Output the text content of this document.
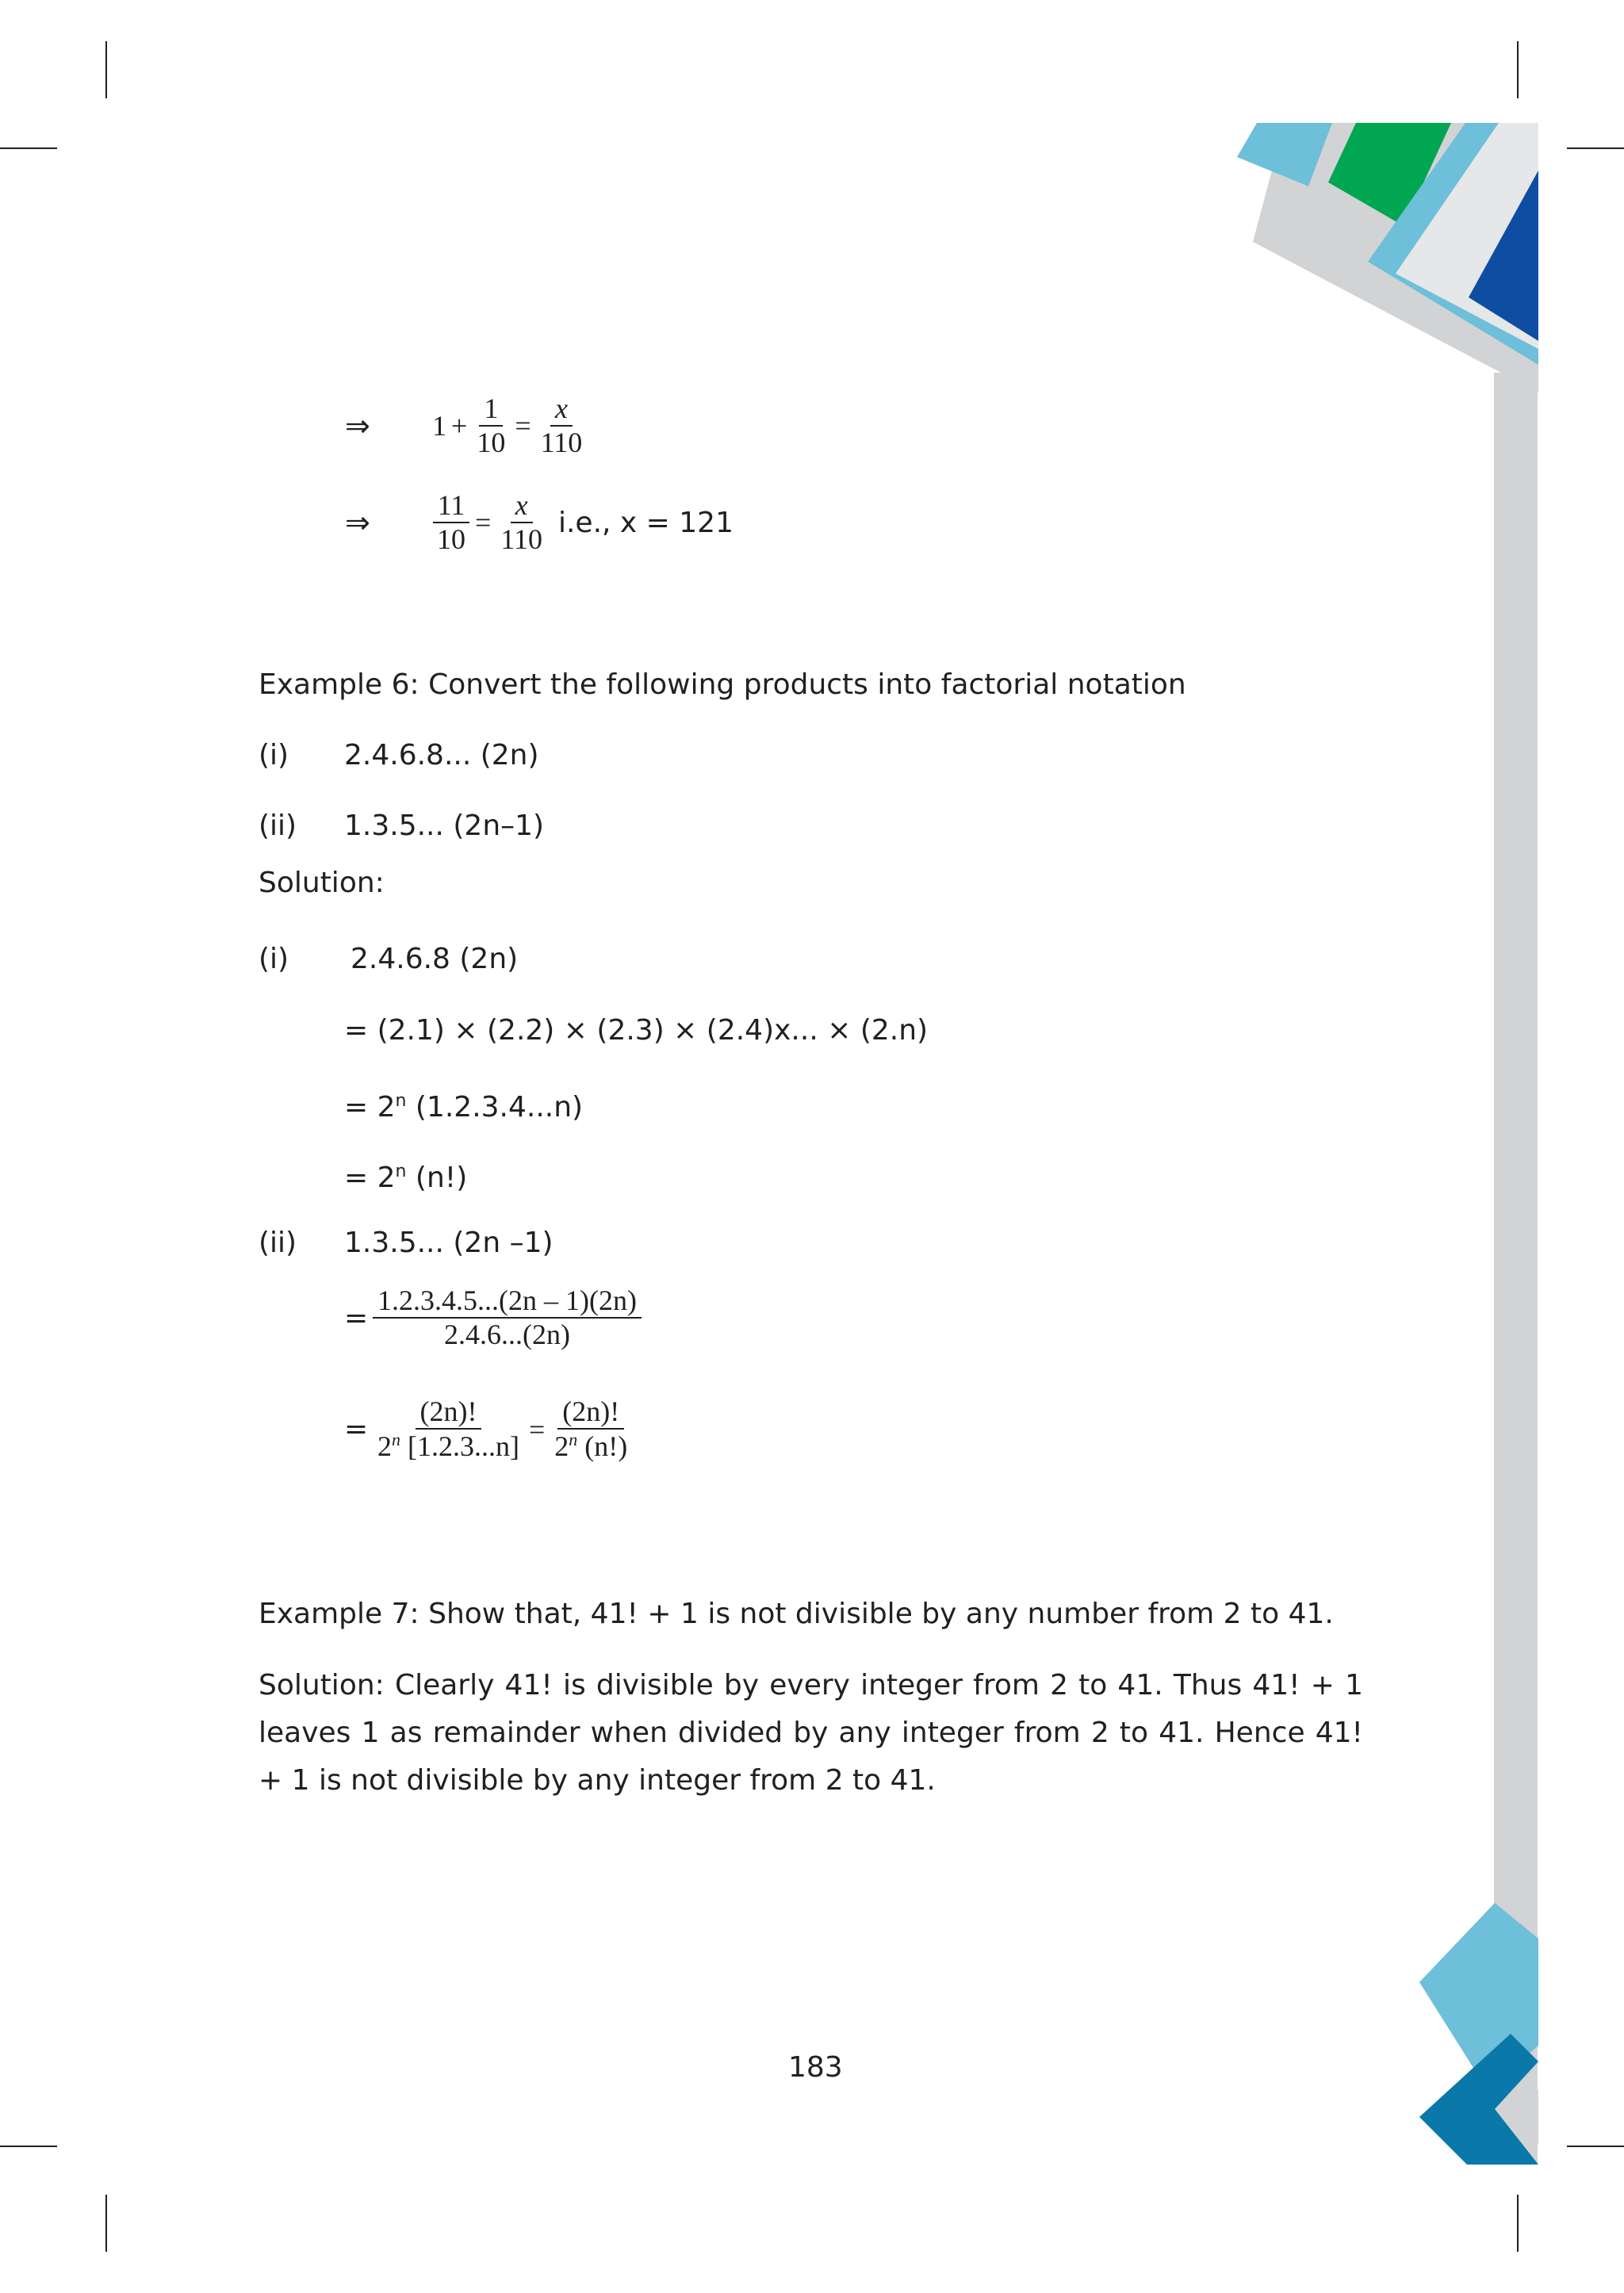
⇒	$1 + \frac{1}{10} = \frac{x}{110}$
⇒	$\frac{11}{10} = \frac{x}{110} i.e$., x = 121
Example 6: Convert the following products into factorial notation
(i) 2.4.6.8... (2n)
(ii) 1.3.5... (2n–1)
Solution:
(i) 2.4.6.8 (2n)
= (2.1) × (2.2) × (2.3) × (2.4)x... × (2.n)
= $2^n$ (1.2.3.4...n)
= $2^n$ (n!)
(ii) 1.3.5... (2n –1)
= $\frac{1.2.3.4.5...(2n - 1)(2n)}{2.4.6...(2n)}$
= $\frac{(2n)!}{2^n [1.2.3...n]} = \frac{(2n)!}{2^n (n!)}$
Example 7: Show that, 41! + 1 is not divisible by any number from 2 to 41.
Solution: Clearly 41! is divisible by every integer from 2 to 41. Thus 41! + 1 leaves 1 as remainder when divided by any integer from 2 to 41. Hence 41! + 1 is not divisible by any integer from 2 to 41.
183
